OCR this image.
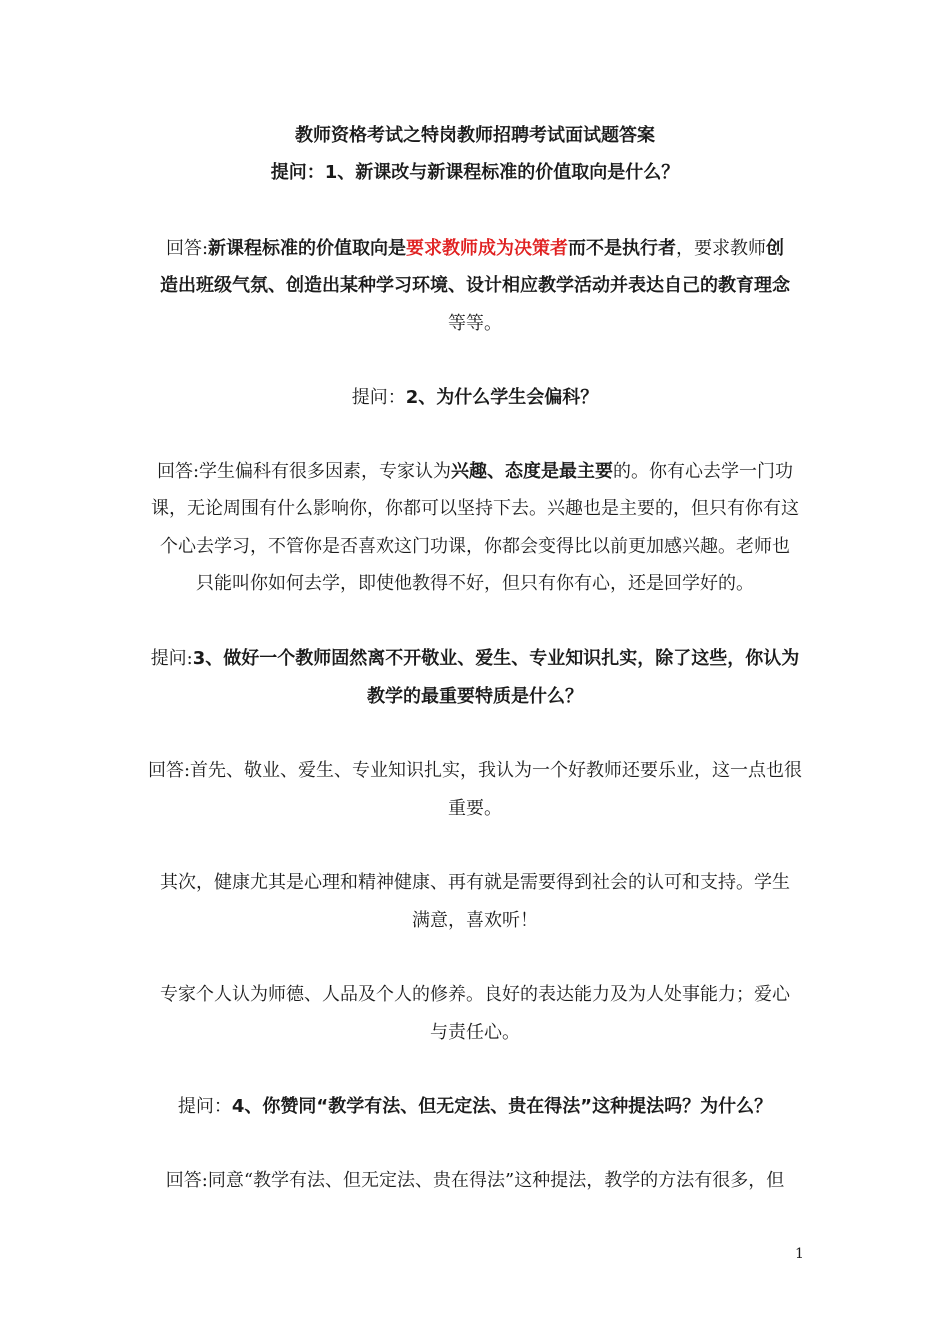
教师资格考试之特岗教师招聘考试面试题答案
提问：1、新课改与新课程标准的价值取向是什么？
回答:新课程标准的价值取向是要求教师成为决策者而不是执行者，要求教师创
造出班级气氛、创造出某种学习环境、设计相应教学活动并表达自己的教育理念
等等。
提问：2、为什么学生会偏科？
回答:学生偏科有很多因素，专家认为兴趣、态度是最主要的。你有心去学一门功
课，无论周围有什么影响你，你都可以坚持下去。兴趣也是主要的，但只有你有这
个心去学习，不管你是否喜欢这门功课，你都会变得比以前更加感兴趣。老师也
只能叫你如何去学，即使他教得不好，但只有你有心，还是回学好的。
提问:3、做好一个教师固然离不开敬业、爱生、专业知识扎实，除了这些，你认为
教学的最重要特质是什么？
回答:首先、敬业、爱生、专业知识扎实，我认为一个好教师还要乐业，这一点也很
重要。
其次，健康尤其是心理和精神健康、再有就是需要得到社会的认可和支持。学生
满意，喜欢听！
专家个人认为师德、人品及个人的修养。良好的表达能力及为人处事能力；爱心
与责任心。
提问：4、你赞同“教学有法、但无定法、贵在得法”这种提法吗？为什么？
回答:同意“教学有法、但无定法、贵在得法”这种提法，教学的方法有很多，但
1
